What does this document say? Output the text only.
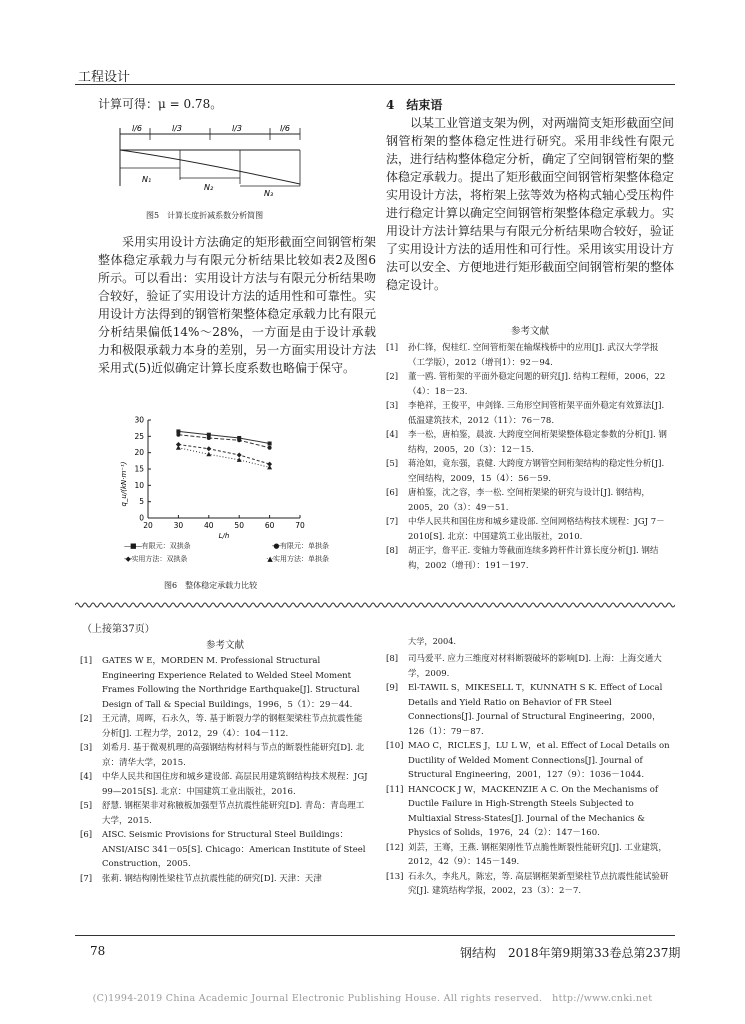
工程设计
计算可得：μ = 0.78。
l/6	l/3	l/3	l/6
N₁
N₂
N₃
图5　计算长度折减系数分析简图
采用实用设计方法确定的矩形截面空间钢管桁架整体稳定承载力与有限元分析结果比较如表2及图6所示。可以看出：实用设计方法与有限元分析结果吻合较好，验证了实用设计方法的适用性和可靠性。实用设计方法得到的钢管桁架整体稳定承载力比有限元分析结果偏低14%～28%，一方面是由于设计承载力和极限承载力本身的差别，另一方面实用设计方法采用式(5)近似确定计算长度系数也略偏于保守。
20	30	40	50	60	70
0
5
10
15
20
25
30
q_u/(kN·m⁻¹)
L/h
—■—有限元：双拱条	-●-有限元：单拱条
-◆-实用方法：双拱条	·▲·实用方法：单拱条
图6　整体稳定承载力比较
4　结束语
以某工业管道支架为例，对两端简支矩形截面空间钢管桁架的整体稳定性进行研究。采用非线性有限元法，进行结构整体稳定分析，确定了空间钢管桁架的整体稳定承载力。提出了矩形截面空间钢管桁架整体稳定实用设计方法，将桁架上弦等效为格构式轴心受压构件进行稳定计算以确定空间钢管桁架整体稳定承载力。实用设计方法计算结果与有限元分析结果吻合较好，验证了实用设计方法的适用性和可行性。采用该实用设计方法可以安全、方便地进行矩形截面空间钢管桁架的整体稳定设计。
参考文献
[1] 孙仁锋，倪桂红. 空间管桁架在输煤栈桥中的应用[J]. 武汉大学学报（工学版），2012（增刊1）：92－94.
[2] 董一鸥. 管桁架的平面外稳定问题的研究[J]. 结构工程师，2006，22（4）：18－23.
[3] 李艳祥，王俊平，申剑锋. 三角形空间管桁架平面外稳定有效算法[J]. 低温建筑技术，2012（11）：76－78.
[4] 李一松，唐柏鉴，晨波. 大跨度空间桁架梁整体稳定参数的分析[J]. 钢结构，2005，20（3）：12－15.
[5] 蒋沧如，竟东强，袁健. 大跨度方钢管空间桁架结构的稳定性分析[J]. 空间结构，2009，15（4）：56－59.
[6] 唐柏鉴，沈之容，李一松. 空间桁架梁的研究与设计[J]. 钢结构，2005，20（3）：49－51.
[7] 中华人民共和国住房和城乡建设部. 空间网格结构技术规程：JGJ 7－2010[S]. 北京：中国建筑工业出版社，2010.
[8] 胡正宇，詹平正. 变轴力等截面连续多跨杆件计算长度分析[J]. 钢结构，2002（增刊）：191－197.
（上接第37页）
参考文献
[1] GATES W E，MORDEN M. Professional Structural Engineering Experience Related to Welded Steel Moment Frames Following the Northridge Earthquake[J]. Structural Design of Tall & Special Buildings，1996，5（1）：29－44.
[2] 王元清，周晖，石永久，等. 基于断裂力学的钢框架梁柱节点抗震性能分析[J]. 工程力学，2012，29（4）：104－112.
[3] 刘希月. 基于微观机理的高强钢结构材料与节点的断裂性能研究[D]. 北京：清华大学，2015.
[4] 中华人民共和国住房和城乡建设部. 高层民用建筑钢结构技术规程：JGJ 99—2015[S]. 北京：中国建筑工业出版社，2016.
[5] 舒慧. 钢框架非对称腋板加强型节点抗震性能研究[D]. 青岛：青岛理工大学，2015.
[6] AISC. Seismic Provisions for Structural Steel Buildings：ANSI/AISC 341－05[S]. Chicago：American Institute of Steel Construction，2005.
[7] 张莉. 钢结构刚性梁柱节点抗震性能的研究[D]. 天津：天津
大学，2004.
[8] 司马爱平. 应力三维度对材料断裂破坏的影响[D]. 上海：上海交通大学，2009.
[9] El-TAWIL S，MIKESELL T，KUNNATH S K. Effect of Local Details and Yield Ratio on Behavior of FR Steel Connections[J]. Journal of Structural Engineering，2000，126（1）：79－87.
[10] MAO C，RICLES J，LU L W，et al. Effect of Local Details on Ductility of Welded Moment Connections[J]. Journal of Structural Engineering，2001，127（9）：1036－1044.
[11] HANCOCK J W，MACKENZIE A C. On the Mechanisms of Ductile Failure in High-Strength Steels Subjected to Multiaxial Stress-States[J]. Journal of the Mechanics & Physics of Solids，1976，24（2）：147－160.
[12] 刘芸，王骞，王燕. 钢框架刚性节点脆性断裂性能研究[J]. 工业建筑，2012，42（9）：145－149.
[13] 石永久，李兆凡，陈宏，等. 高层钢框架新型梁柱节点抗震性能试验研究[J]. 建筑结构学报，2002，23（3）：2－7.
78	钢结构　2018年第9期第33卷总第237期
(C)1994-2019 China Academic Journal Electronic Publishing House. All rights reserved.　http://www.cnki.net
